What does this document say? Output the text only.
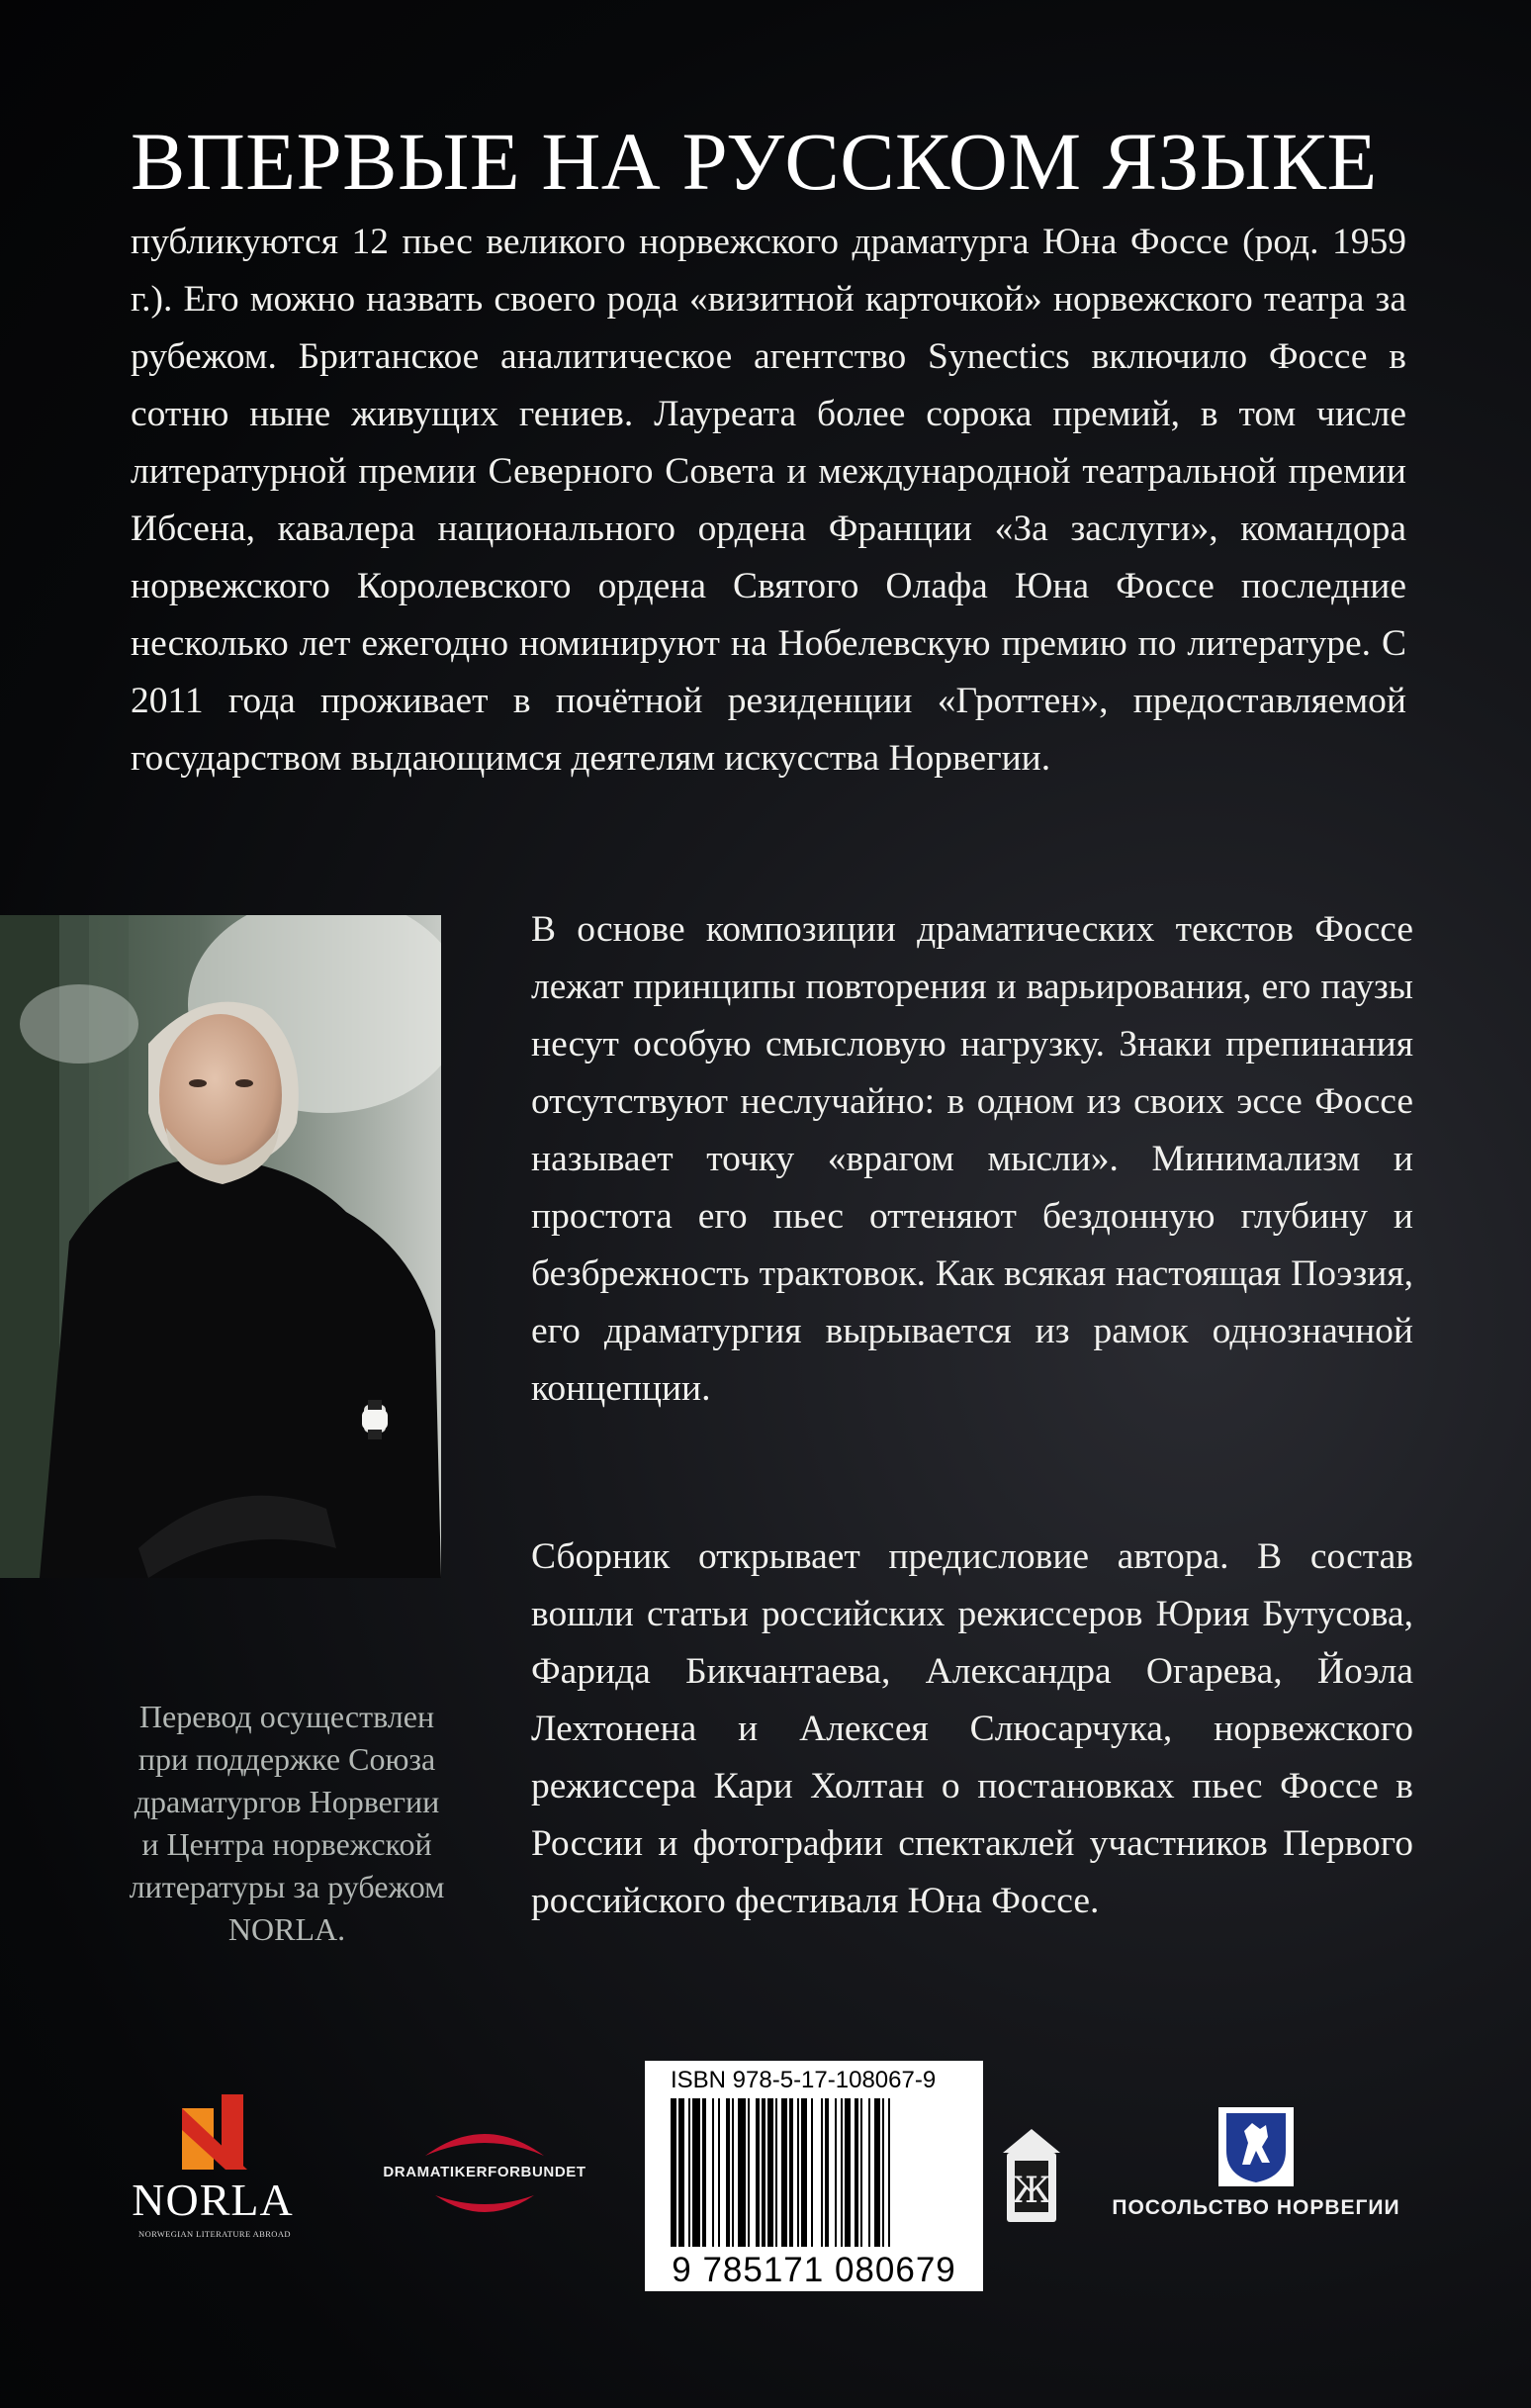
ВПЕРВЫЕ НА РУССКОМ ЯЗЫКЕ

публикуются 12 пьес великого норвежского драматурга Юна Фоссе (род. 1959 г.). Его можно назвать своего рода «визитной карточкой» норвежского театра за рубежом. Британское аналитическое агентство Synectics включило Фоссе в сотню ныне живущих гениев. Лауреата более сорока премий, в том числе литературной премии Северного Совета и международной театральной премии Ибсена, кавалера национального ордена Франции «За заслуги», командора норвежского Королевского ордена Святого Олафа Юна Фоссе последние несколько лет ежегодно номинируют на Нобелевскую премию по литературе. С 2011 года проживает в почётной резиденции «Гроттен», предоставляемой государством выдающимся деятелям искусства Норвегии.

В основе композиции драматических текстов Фоссе лежат принципы повторения и варьирования, его паузы несут особую смысловую нагрузку. Знаки препинания отсутствуют неслучайно: в одном из своих эссе Фоссе называет точку «врагом мысли». Минимализм и простота его пьес оттеняют бездонную глубину и безбрежность трактовок. Как всякая настоящая Поэзия, его драматургия вырывается из рамок однозначной концепции.

Сборник открывает предисловие автора. В состав вошли статьи российских режиссеров Юрия Бутусова, Фарида Бикчантаева, Александра Огарева, Йоэла Лехтонена и Алексея Слюсарчука, норвежского режиссера Кари Холтан о постановках пьес Фоссе в России и фотографии спектаклей участников Первого российского фестиваля Юна Фоссе.

Перевод осуществлен при поддержке Союза драматургов Норвегии и Центра норвежской литературы за рубежом NORLA.

NORLA
NORWEGIAN LITERATURE ABROAD
DRAMATIKERFORBUNDET
ISBN 978-5-17-108067-9
9 785171 080679
Ж	ПОСОЛЬСТВО НОРВЕГИИ
